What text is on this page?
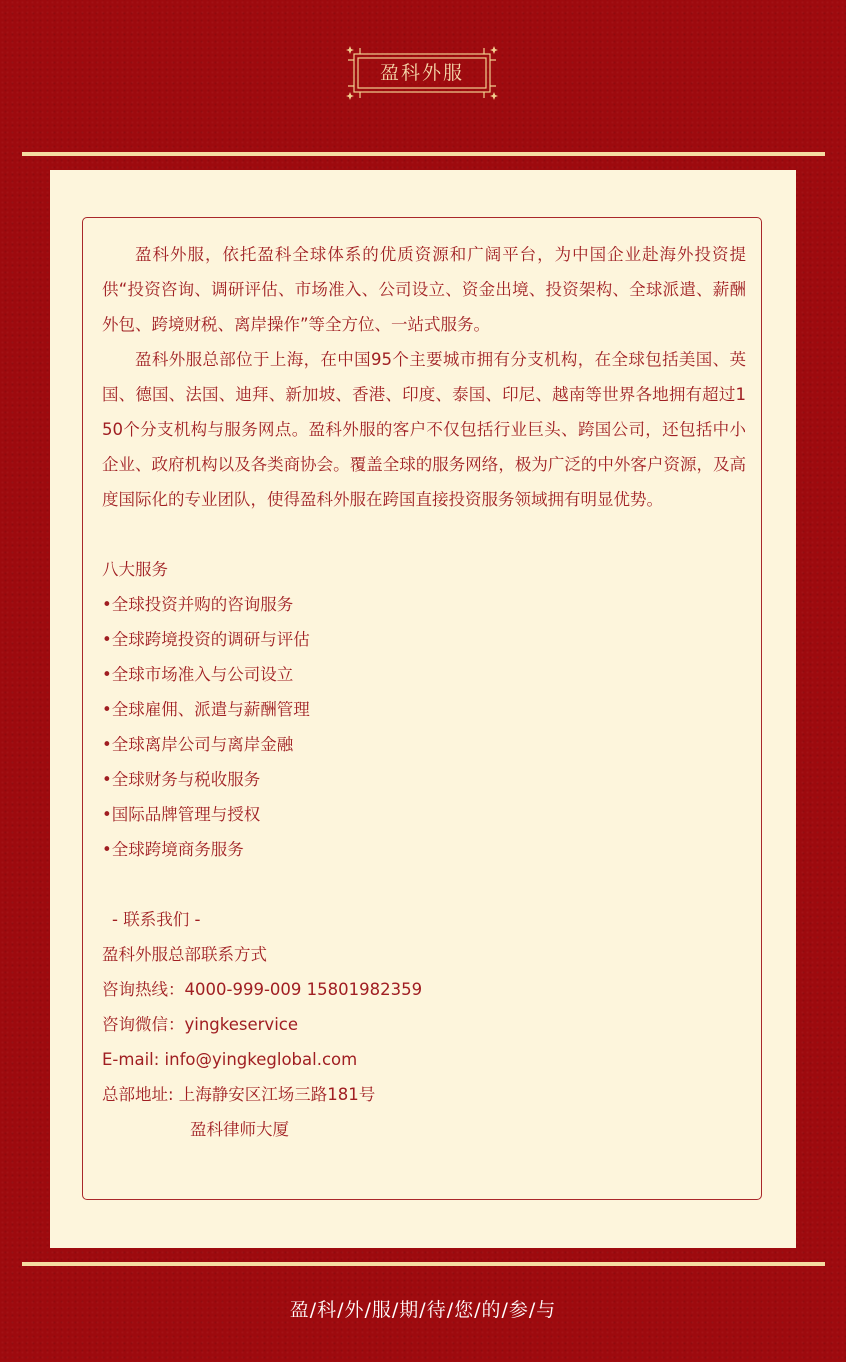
盈科外服

盈科外服，依托盈科全球体系的优质资源和广阔平台，为中国企业赴海外投资提供“投资咨询、调研评估、市场准入、公司设立、资金出境、投资架构、全球派遣、薪酬外包、跨境财税、离岸操作”等全方位、一站式服务。

盈科外服总部位于上海，在中国95个主要城市拥有分支机构，在全球包括美国、英国、德国、法国、迪拜、新加坡、香港、印度、泰国、印尼、越南等世界各地拥有超过150个分支机构与服务网点。盈科外服的客户不仅包括行业巨头、跨国公司，还包括中小企业、政府机构以及各类商协会。覆盖全球的服务网络，极为广泛的中外客户资源，及高度国际化的专业团队，使得盈科外服在跨国直接投资服务领域拥有明显优势。

八大服务
•全球投资并购的咨询服务
•全球跨境投资的调研与评估
•全球市场准入与公司设立
•全球雇佣、派遣与薪酬管理
•全球离岸公司与离岸金融
•全球财务与税收服务
•国际品牌管理与授权
•全球跨境商务服务
- 联系我们 -
盈科外服总部联系方式
咨询热线：4000-999-009 15801982359
咨询微信：yingkeservice
E-mail: info@yingkeglobal.com
总部地址: 上海静安区江场三路181号
盈科律师大厦
盈/科/外/服/期/待/您/的/参/与
